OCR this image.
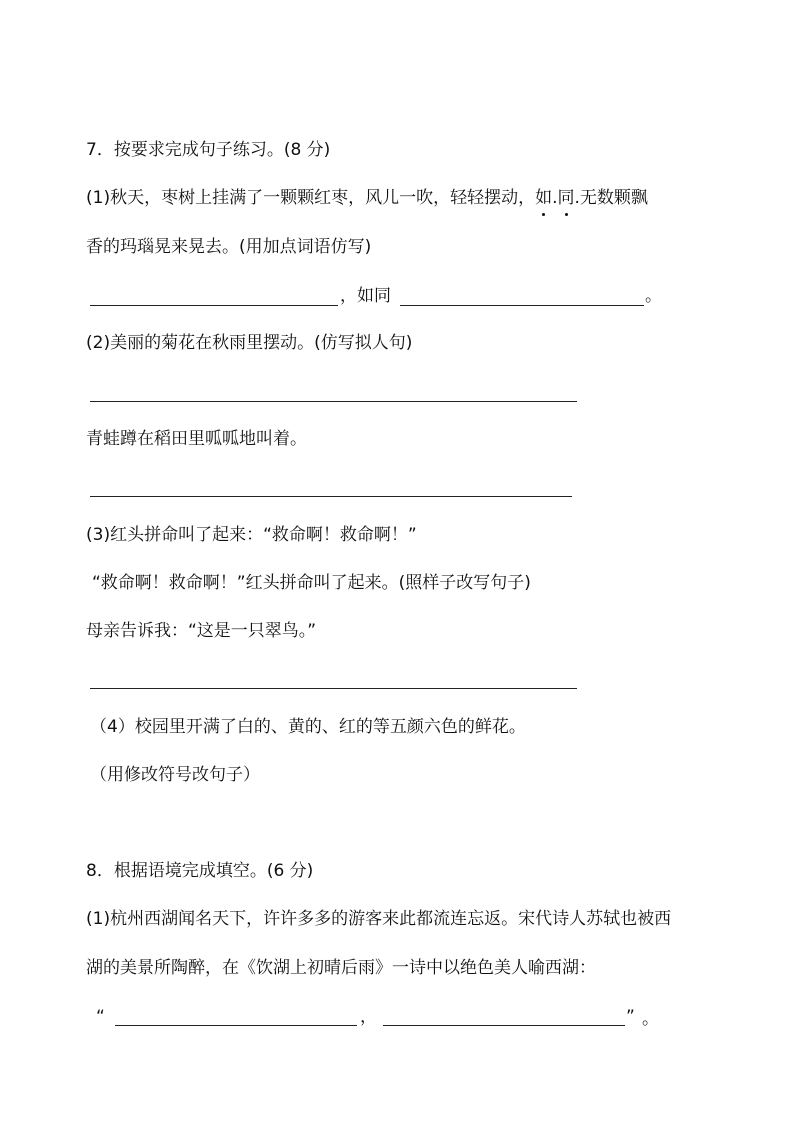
7．按要求完成句子练习。(8 分)
(1)秋天，枣树上挂满了一颗颗红枣，风儿一吹，轻轻摆动，如.同.无数颗飘
香的玛瑙晃来晃去。(用加点词语仿写)
，如同	。
(2)美丽的菊花在秋雨里摆动。(仿写拟人句)
青蛙蹲在稻田里呱呱地叫着。
(3)红头拼命叫了起来：“救命啊！救命啊！”
“救命啊！救命啊！”红头拼命叫了起来。(照样子改写句子)
母亲告诉我：“这是一只翠鸟。”
（4）校园里开满了白的、黄的、红的等五颜六色的鲜花。
（用修改符号改句子）
8．根据语境完成填空。(6 分)
(1)杭州西湖闻名天下，许许多多的游客来此都流连忘返。宋代诗人苏轼也被西
湖的美景所陶醉，在《饮湖上初晴后雨》一诗中以绝色美人喻西湖：
“	，	” 。
